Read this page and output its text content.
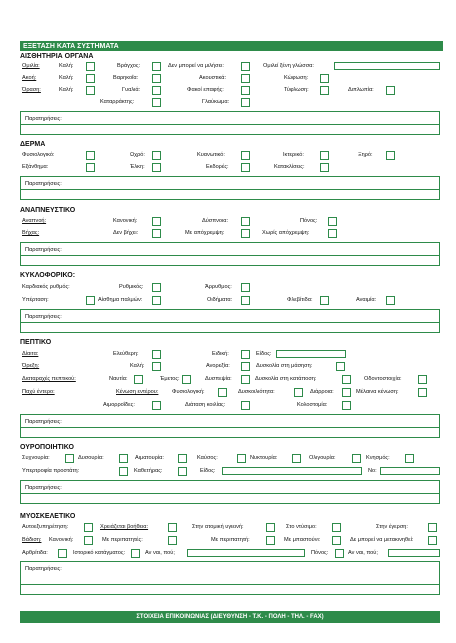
ΕΞΕΤΑΣΗ ΚΑΤΑ ΣΥΣΤΗΜΑΤΑ
ΑΙΣΘΗΤΗΡΙΑ ΟΡΓΑΝΑ
Ομιλία:	Καλή:	Βράγχος:	Δεν μπορεί να μιλήσει:	Ομιλεί ξένη γλώσσα:
Ακοή:	Καλή:	Βαρηκοΐα:	Ακουστικά:	Κώφωση:
Όραση:	Καλή:	Γυαλιά:	Φακοί επαφής:	Τύφλωση:	Διπλωπία:
Καταρράκτης:	Γλαύκωμα:
Παρατηρήσεις:
ΔΕΡΜΑ
Φυσιολογικό:	Ωχρό:	Κυανωτικό:	Ικτερικό:	Ξηρό:
Εξάνθημα:	Έλκη:	Εκδορές:	Κατακλίσεις:
Παρατηρήσεις:
ΑΝΑΠΝΕΥΣΤΙΚΟ
Αναπνοή:	Κανονική:	Δύσπνοια:	Πόνος:
Βήχας:	Δεν βήχει:	Με απόχρεμψη:	Χωρίς απόχρεμψη:
Παρατηρήσεις:
ΚΥΚΛΟΦΟΡΙΚΟ:
Καρδιακός ρυθμός:	Ρυθμικός:	Άρρυθμος:
Υπέρταση:	Αίσθημα παλμών:	Οιδήματα:	Φλεβίτιδα:	Αναιμία:
Παρατηρήσεις:
ΠΕΠΤΙΚΟ
Δίαιτα:	Ελεύθερη:	Ειδική:	Είδος:
Όρεξη:	Καλή:	Ανορεξία:	Δυσκολία στη μάσηση:
Διαταραχές πεπτικού:	Ναυτία:	Έμετος:	Δυσπεψία:	Δυσκολία στη κατάποση:	Οδοντοστοιχία:
Παχύ έντερο:	Κένωση εντέρου: Φυσιολογική:	Δυσκοιλιότητα:	Διάρροια:	Μέλαινα κένωση:
Αιμορροΐδες:	Διάταση κοιλίας:	Κολοστομία:
Παρατηρήσεις:
ΟΥΡΟΠΟΙΗΤΙΚΟ
Συχνουρία:	Δυσουρία:	Αιματουρία:	Καύσος:	Νυκτουρία:	Ολιγουρία:	Κνησμός:
Υπερτροφία προστάτη:	Καθετήρας:	Είδος:	Νο:
Παρατηρήσεις:
ΜΥΟΣΚΕΛΕΤΙΚΟ
Αυτοεξυπηρέτηση:	Χρειάζεται βοήθεια:	Στην ατομική υγιεινή:	Στο ντύσιμο:	Στην έγερση:
Βάδιση: Κανονική:	Με περιπατητές:	Με περιπατητή:	Με μπαστούνι:	Δε μπορεί να μετακινηθεί:
Αρθρίτιδα:	Ιστορικό κατάγματος:	Αν ναι, πού;	Πόνος:	Αν ναι, πού;
Παρατηρήσεις:
ΣΤΟΙΧΕΙΑ ΕΠΙΚΟΙΝΩΝΙΑΣ (ΔΙΕΥΘΥΝΣΗ - Τ.Κ. - ΠΟΛΗ - ΤΗΛ. - FAX)
